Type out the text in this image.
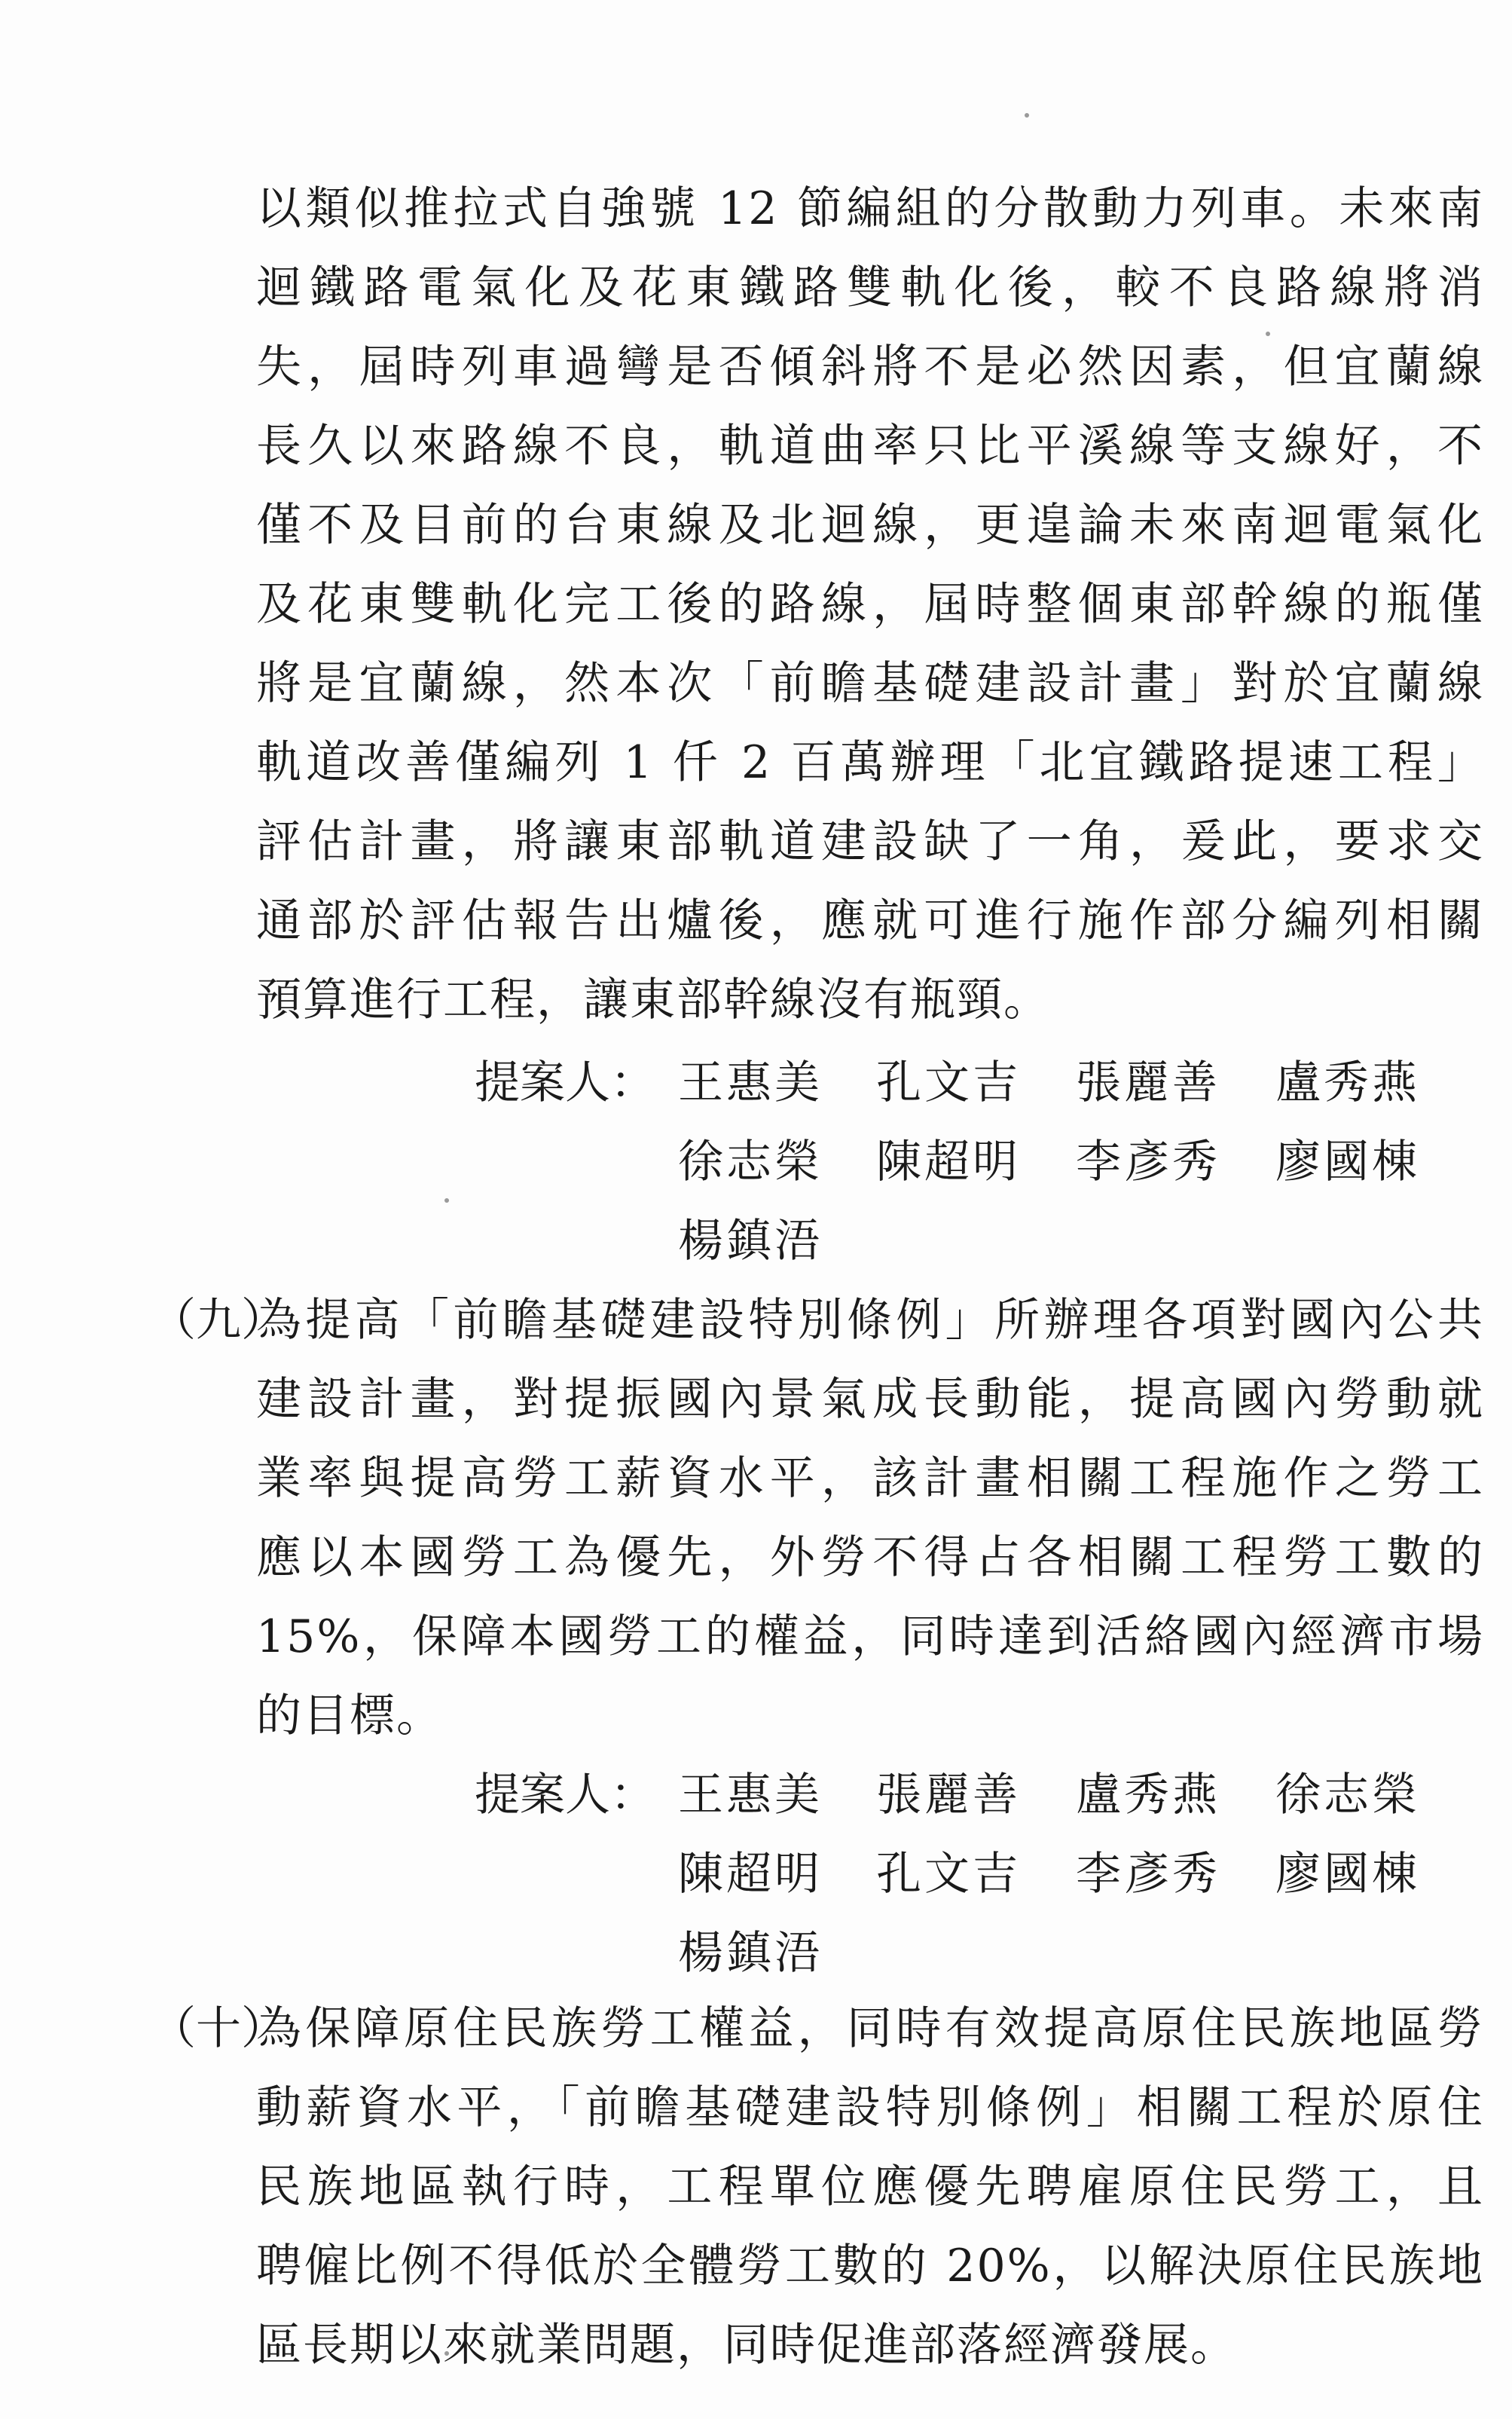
以類似推拉式自強號 12 節編組的分散動力列車。未來南
迴鐵路電氣化及花東鐵路雙軌化後，較不良路線將消
失，屆時列車過彎是否傾斜將不是必然因素，但宜蘭線
長久以來路線不良，軌道曲率只比平溪線等支線好，不
僅不及目前的台東線及北迴線，更遑論未來南迴電氣化
及花東雙軌化完工後的路線，屆時整個東部幹線的瓶僅
將是宜蘭線，然本次「前瞻基礎建設計畫」對於宜蘭線
軌道改善僅編列 1 仟 2 百萬辦理「北宜鐵路提速工程」
評估計畫，將讓東部軌道建設缺了一角，爰此，要求交
通部於評估報告出爐後，應就可進行施作部分編列相關
預算進行工程，讓東部幹線沒有瓶頸。
提案人： 王惠美 孔文吉 張麗善 盧秀燕
徐志榮 陳超明 李彥秀 廖國棟
楊鎮浯
（九）
為提高「前瞻基礎建設特別條例」所辦理各項對國內公共
建設計畫，對提振國內景氣成長動能，提高國內勞動就
業率與提高勞工薪資水平，該計畫相關工程施作之勞工
應以本國勞工為優先，外勞不得占各相關工程勞工數的
15%，保障本國勞工的權益，同時達到活絡國內經濟市場
的目標。
提案人： 王惠美 張麗善 盧秀燕 徐志榮
陳超明 孔文吉 李彥秀 廖國棟
楊鎮浯
（十）
為保障原住民族勞工權益，同時有效提高原住民族地區勞
動薪資水平，「前瞻基礎建設特別條例」相關工程於原住
民族地區執行時，工程單位應優先聘雇原住民勞工，且
聘僱比例不得低於全體勞工數的 20%，以解決原住民族地
區長期以來就業問題，同時促進部落經濟發展。
